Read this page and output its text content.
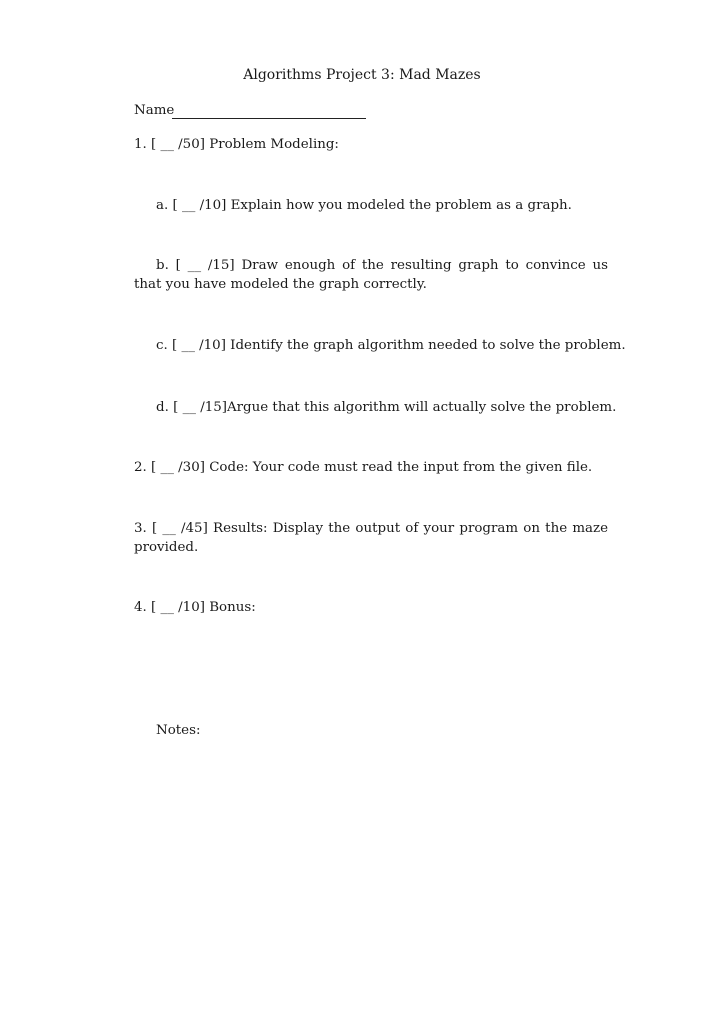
Algorithms Project 3: Mad Mazes
Name
1. [ __ /50] Problem Modeling:
a. [ __ /10] Explain how you modeled the problem as a graph.
b. [ __ /15] Draw enough of the resulting graph to convince us that you have modeled the graph correctly.
c. [ __ /10] Identify the graph algorithm needed to solve the problem.
d. [ __ /15]Argue that this algorithm will actually solve the problem.
2. [ __ /30] Code: Your code must read the input from the given file.
3. [ __ /45] Results: Display the output of your program on the maze provided.
4. [ __ /10] Bonus:
Notes:
